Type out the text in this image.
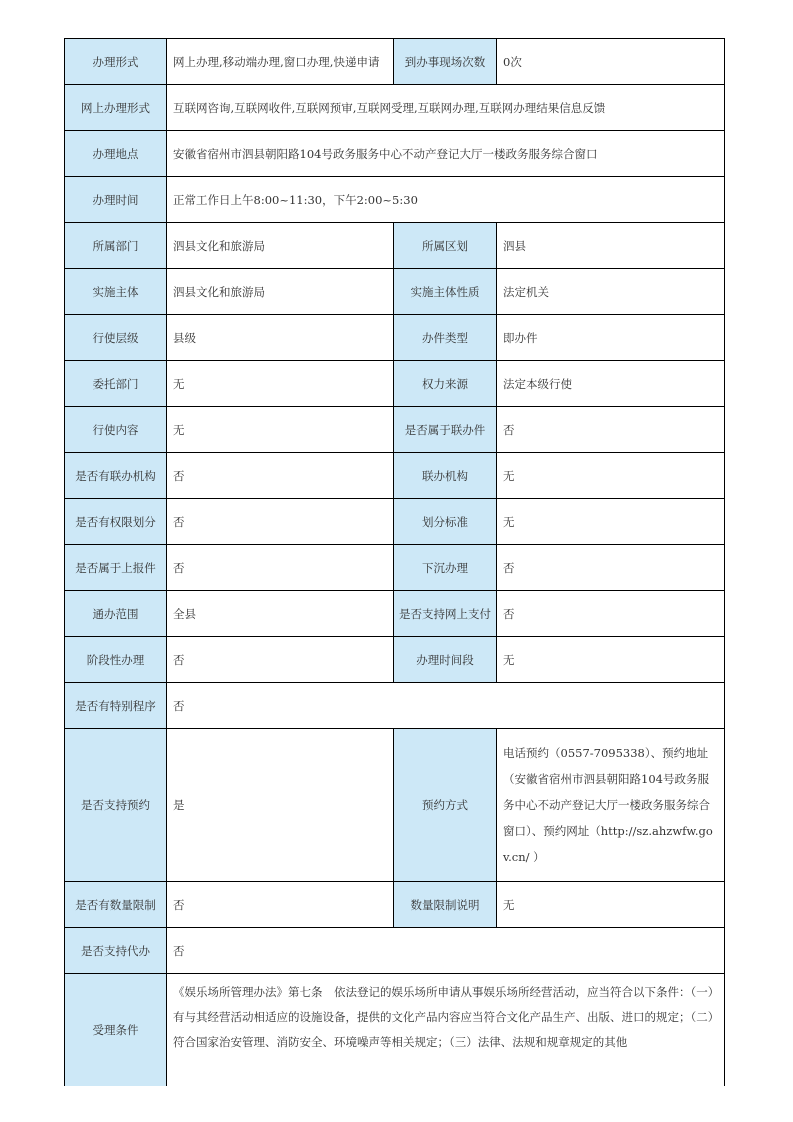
办理形式	网上办理,移动端办理,窗口办理,快递申请	到办事现场次数	0次
网上办理形式	互联网咨询,互联网收件,互联网预审,互联网受理,互联网办理,互联网办理结果信息反馈		
办理地点	安徽省宿州市泗县朝阳路104号政务服务中心不动产登记大厅一楼政务服务综合窗口		
办理时间	正常工作日上午8:00~11:30，下午2:00~5:30		
所属部门	泗县文化和旅游局	所属区划	泗县
实施主体	泗县文化和旅游局	实施主体性质	法定机关
行使层级	县级	办件类型	即办件
委托部门	无	权力来源	法定本级行使
行使内容	无	是否属于联办件	否
是否有联办机构	否	联办机构	无
是否有权限划分	否	划分标准	无
是否属于上报件	否	下沉办理	否
通办范围	全县	是否支持网上支付	否
阶段性办理	否	办理时间段	无
是否有特别程序	否		
是否支持预约	是	预约方式	电话预约（0557-7095338）、预约地址（安徽省宿州市泗县朝阳路104号政务服务中心不动产登记大厅一楼政务服务综合窗口）、预约网址（http://sz.ahzwfw.gov.cn/ ）
是否有数量限制	否	数量限制说明	无
是否支持代办	否		
受理条件	《娱乐场所管理办法》第七条　依法登记的娱乐场所申请从事娱乐场所经营活动，应当符合以下条件：（一）有与其经营活动相适应的设施设备，提供的文化产品内容应当符合文化产品生产、出版、进口的规定；（二）符合国家治安管理、消防安全、环境噪声等相关规定；（三）法律、法规和规章规定的其他		
